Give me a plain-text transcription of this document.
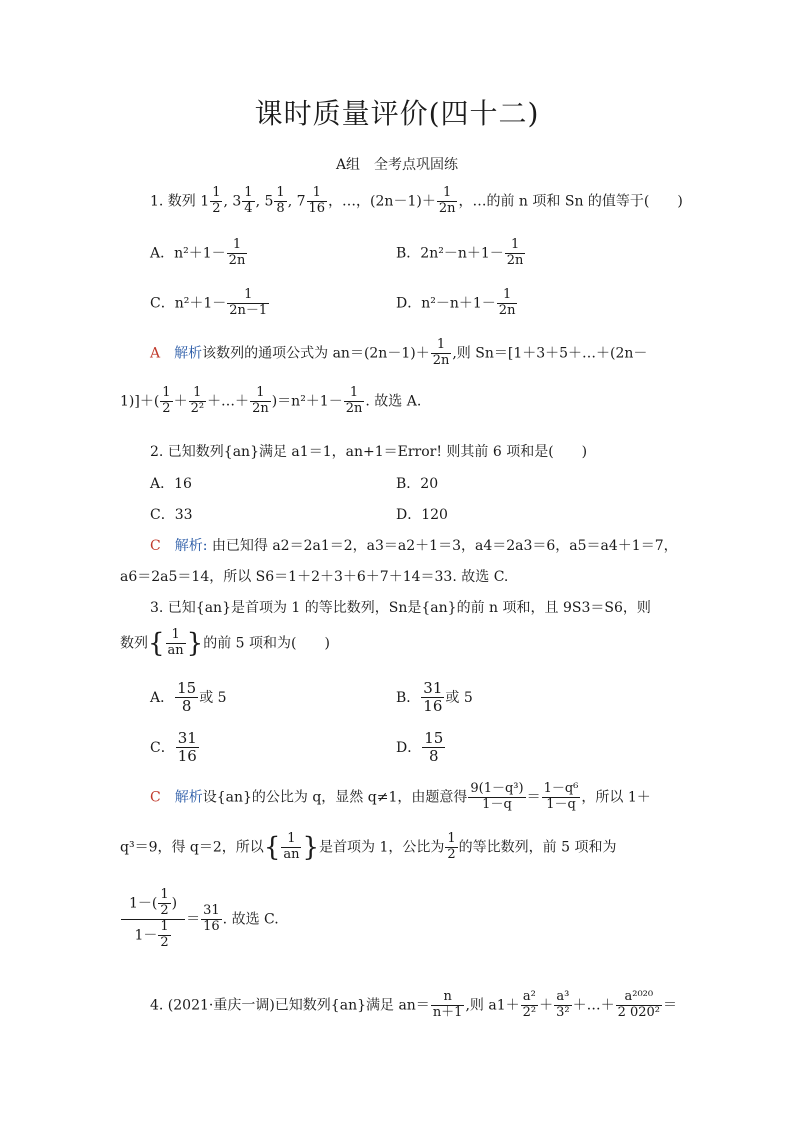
课时质量评价(四十二)
A组　全考点巩固练
1. 数列 $1 \frac{1}{2}$ , $3 \frac{1}{4}$ , $5 \frac{1}{8}$ , $7 \frac{1}{16}$ ，…，$(2n-1)+ \frac{1}{2n}$ ，…的前 n 项和 Sn 的值等于(　　)
A．$n^2+1- \frac{1}{2n}$	B．$2n^2-n+1- \frac{1}{2n}$
C．$n^2+1- \frac{1}{2n-1}$	D．$n^2-n+1- \frac{1}{2n}$
A　 解析该数列的通项公式为 $an=(2n-1)+ \frac{1}{2n}$ ,则 Sn＝[1＋3＋5＋…＋(2n－
$1)]+( \frac{1}{2} + \frac{1}{\text{2²}}$ ＋…＋ $\frac{1}{2n} )=n^2+1- \frac{1}{2n}$ . 故选 A.
2. 已知数列{an}满足 a1＝1，an+1＝Error! 则其前 6 项和是(　　)
A．16	B．20
C．33	D．120
C　 解析: 由已知得 a2＝2a1＝2，a3＝a2＋1＝3，a4＝2a3＝6，a5＝a4＋1＝7，
a6＝2a5＝14，所以 S6＝1＋2＋3＋6＋7＋14＝33. 故选 C.
3. 已知{an}是首项为 1 的等比数列，Sn是{an}的前 n 项和，且 9S3＝S6，则
数列{ $\frac{1}{an}$ }的前 5 项和为(　　)
A． $\frac{15}{8}$ 或 5	B． $\frac{31}{16}$ 或 5
C． $\frac{31}{16}$	D． $\frac{15}{8}$
C　 解析设{an}的公比为 q，显然 q≠1，由题意得 $\frac{\text{9(1－q³)}}{1-q} = \frac{\text{1－q⁶}}{1-q}$ ，所以 1＋
q³＝9，得 q＝2，所以{ $\frac{1}{an}$ }是首项为 1，公比为 $\frac{1}{2}$ 的等比数列，前 5 项和为
$\frac{1-( \frac{1}{2} )}{1- \frac{1}{2}} = \frac{31}{16}$ . 故选 C.
4. (2021·重庆一调)已知数列{an}满足 $an= \frac{n}{n+1}$ ,则 $a1+ \frac{\text{a²}}{\text{2²}} + \frac{\text{a³}}{\text{3²}}$ ＋…＋ $\frac{\text{a²⁰²⁰}}{\text{2 020²}}$ ＝
